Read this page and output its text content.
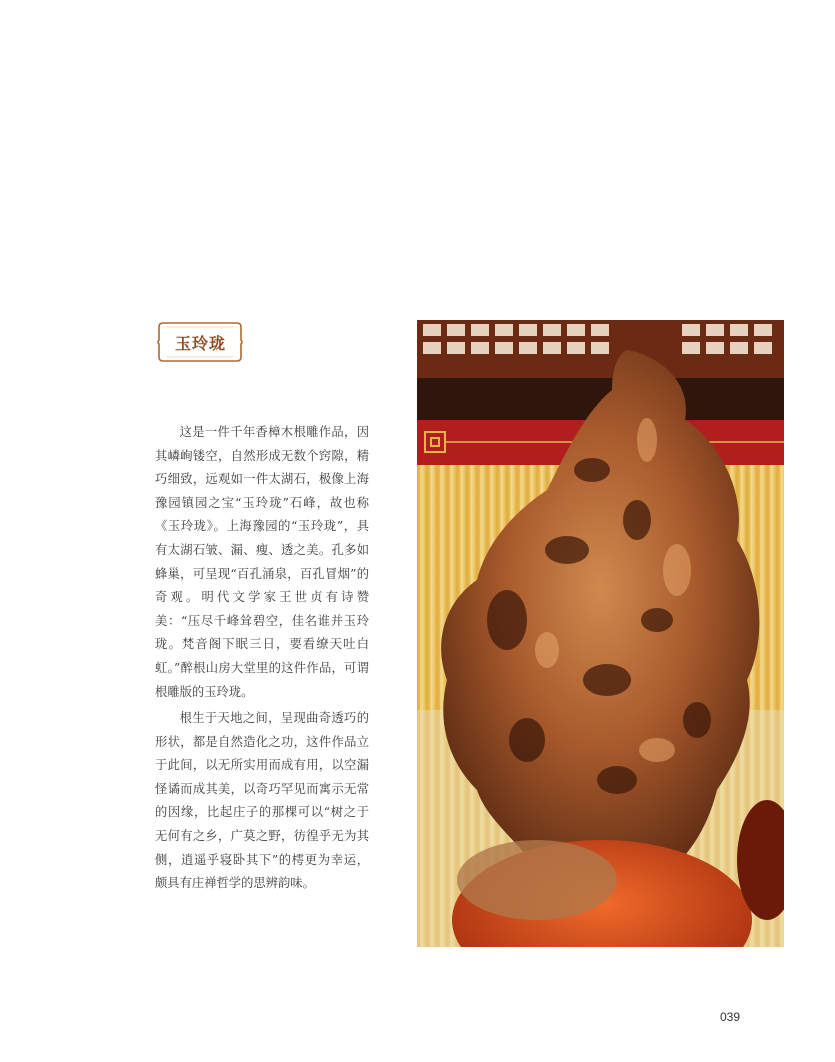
玉玲珑

这是一件千年香樟木根雕作品，因其嶙峋镂空，自然形成无数个窍隙，精巧细致，远观如一件太湖石，极像上海豫园镇园之宝“玉玲珑”石峰，故也称《玉玲珑》。上海豫园的“玉玲珑”，具有太湖石皱、漏、瘦、透之美。孔多如蜂巢，可呈现“百孔涌泉，百孔冒烟”的奇观。明代文学家王世贞有诗赞美：“压尽千峰耸碧空，佳名谁并玉玲珑。梵音阁下眠三日，要看缭天吐白虹。”醉根山房大堂里的这件作品，可谓根雕版的玉玲珑。

根生于天地之间，呈现曲奇透巧的形状，都是自然造化之功，这件作品立于此间，以无所实用而成有用，以空漏怪谲而成其美，以奇巧罕见而寓示无常的因缘，比起庄子的那棵可以“树之于无何有之乡，广莫之野，彷徨乎无为其侧，逍遥乎寝卧其下”的樗更为幸运，颇具有庄禅哲学的思辨韵味。

039
